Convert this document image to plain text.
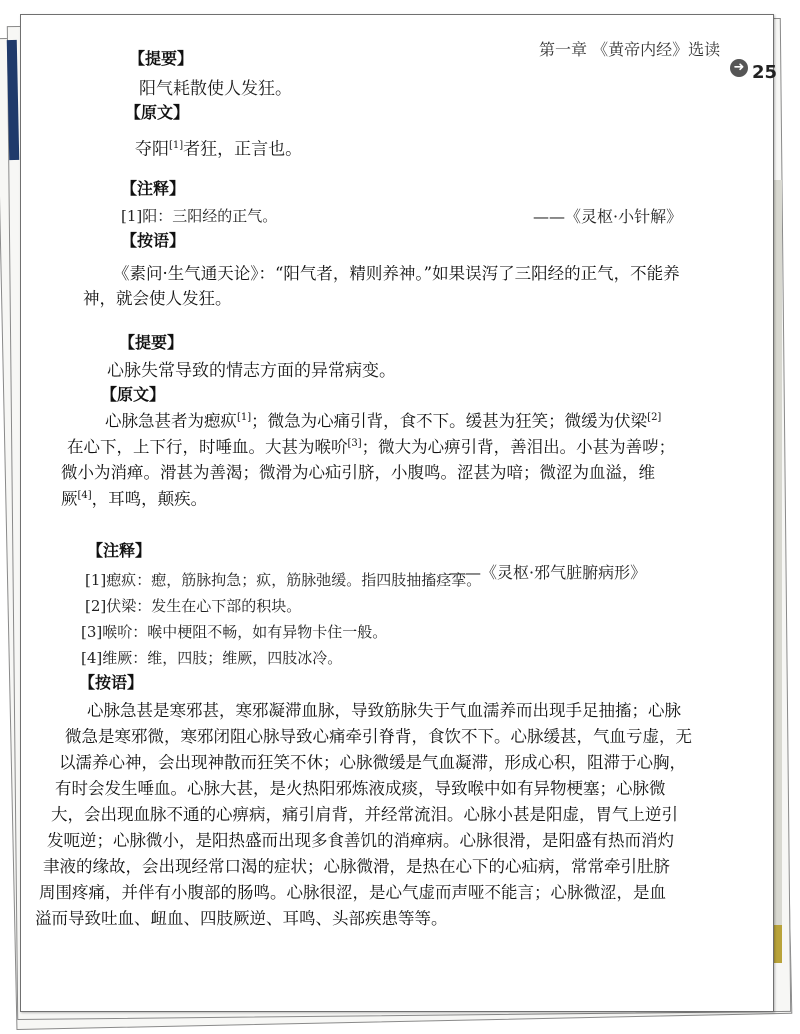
第一章 《黄帝内经》选读
➜ 25
【提要】
阳气耗散使人发狂。
【原文】
夺阳[1]者狂，正言也。
【注释】
——《灵枢·小针解》
[1]阳：三阳经的正气。
【按语】
《素问·生气通天论》：“阳气者，精则养神。”如果误泻了三阳经的正气，不能养
神，就会使人发狂。
【提要】
心脉失常导致的情志方面的异常病变。
【原文】
心脉急甚者为瘛疭[1]；微急为心痛引背，食不下。缓甚为狂笑；微缓为伏梁[2]
在心下，上下行，时唾血。大甚为喉吤[3]；微大为心痹引背，善泪出。小甚为善哕；
微小为消瘅。滑甚为善渴；微滑为心疝引脐，小腹鸣。涩甚为喑；微涩为血溢，维
厥[4]，耳鸣，颠疾。
【注释】
——《灵枢·邪气脏腑病形》
[1]瘛疭：瘛，筋脉拘急；疭，筋脉弛缓。指四肢抽搐痉挛。
[2]伏梁：发生在心下部的积块。
[3]喉吤：喉中梗阻不畅，如有异物卡住一般。
[4]维厥：维，四肢；维厥，四肢冰冷。
【按语】
心脉急甚是寒邪甚，寒邪凝滞血脉，导致筋脉失于气血濡养而出现手足抽搐；心脉
微急是寒邪微，寒邪闭阻心脉导致心痛牵引脊背，食饮不下。心脉缓甚，气血亏虚，无
以濡养心神，会出现神散而狂笑不休；心脉微缓是气血凝滞，形成心积，阻滞于心胸，
有时会发生唾血。心脉大甚，是火热阳邪炼液成痰，导致喉中如有异物梗塞；心脉微
大，会出现血脉不通的心痹病，痛引肩背，并经常流泪。心脉小甚是阳虚，胃气上逆引
发呃逆；心脉微小，是阳热盛而出现多食善饥的消瘅病。心脉很滑，是阳盛有热而消灼
聿液的缘故，会出现经常口渴的症状；心脉微滑，是热在心下的心疝病，常常牵引肚脐
周围疼痛，并伴有小腹部的肠鸣。心脉很涩，是心气虚而声哑不能言；心脉微涩，是血
溢而导致吐血、衄血、四肢厥逆、耳鸣、头部疾患等等。
